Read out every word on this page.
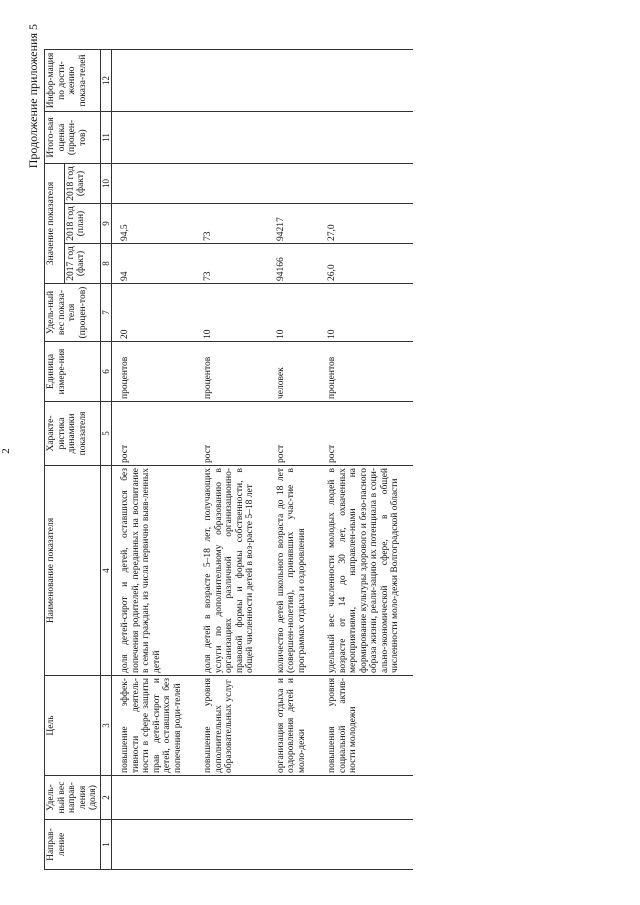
2
Продолжение приложения 5
Направ-ление	Удель-ный вес направ-ления (доля)	Цель	Наименование показателя	Характе-ристика динамики показателя	Единица измере-ния	Удель-ный вес показа-теля (процен-тов)	Значение показателя			Итого-вая оценка (процен-тов)	Инфор-мация по дости-жению показа-телей
							2017 год (факт)	2018 год (план)	2018 год (факт)		
1	2	3	4	5	6	7	8	9	10	11	12
		повышение эффек-тивности деятель-ности в сфере защиты прав детей-сирот и детей, оставшихся без попечения роди-телей	доля детей-сирот и детей, оставшихся без попечения родителей, переданных на воспитание в семьи граждан, из числа первично выяв-ленных детей	рост	процентов	20	94	94,5			
		повышение уровня дополнительных образовательных услуг	доля детей в возрасте 5–18 лет, получающих услуги по дополнительному образованию в организациях различной организационно-правовой формы и формы собственности, в общей численности детей в воз-расте 5–18 лет	рост	процентов	10	73	73			
		организация отдыха и оздоровления детей и моло-дежи	количество детей школьного возраста до 18 лет (совершен-нолетия), принявших учас-тие в программах отдыха и оздоровления	рост	человек	10	94166	94217			
		повышения уровня социальной актив-ности молодежи	удельный вес численности молодых людей в возрасте от 14 до 30 лет, охваченных мероприятиями, направлен-ными на формирование культуры здорового и безо-пасного образа жизни, реали-зацию их потенциала в соци-ально-экономической сфере, в общей численности моло-дежи Волгоградской области	рост	процентов	10	26,0	27,0			
